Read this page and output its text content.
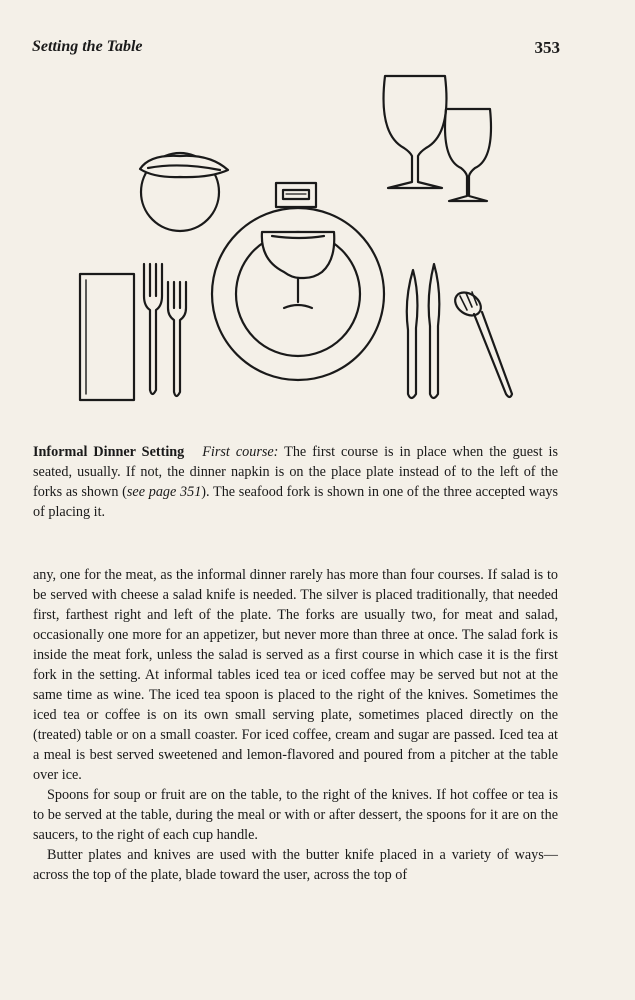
Setting the Table	353

Informal Dinner Setting First course: The first course is in place when the guest is seated, usually. If not, the dinner napkin is on the place plate instead of to the left of the forks as shown (see page 351). The seafood fork is shown in one of the three accepted ways of placing it.

any, one for the meat, as the informal dinner rarely has more than four courses. If salad is to be served with cheese a salad knife is needed. The silver is placed traditionally, that needed first, farthest right and left of the plate. The forks are usually two, for meat and salad, occasionally one more for an appetizer, but never more than three at once. The salad fork is inside the meat fork, unless the salad is served as a first course in which case it is the first fork in the setting. At informal tables iced tea or iced coffee may be served but not at the same time as wine. The iced tea spoon is placed to the right of the knives. Sometimes the iced tea or coffee is on its own small serving plate, sometimes placed directly on the (treated) table or on a small coaster. For iced coffee, cream and sugar are passed. Iced tea at a meal is best served sweetened and lemon-flavored and poured from a pitcher at the table over ice.

Spoons for soup or fruit are on the table, to the right of the knives. If hot coffee or tea is to be served at the table, during the meal or with or after dessert, the spoons for it are on the saucers, to the right of each cup handle.

Butter plates and knives are used with the butter knife placed in a variety of ways—across the top of the plate, blade toward the user, across the top of
